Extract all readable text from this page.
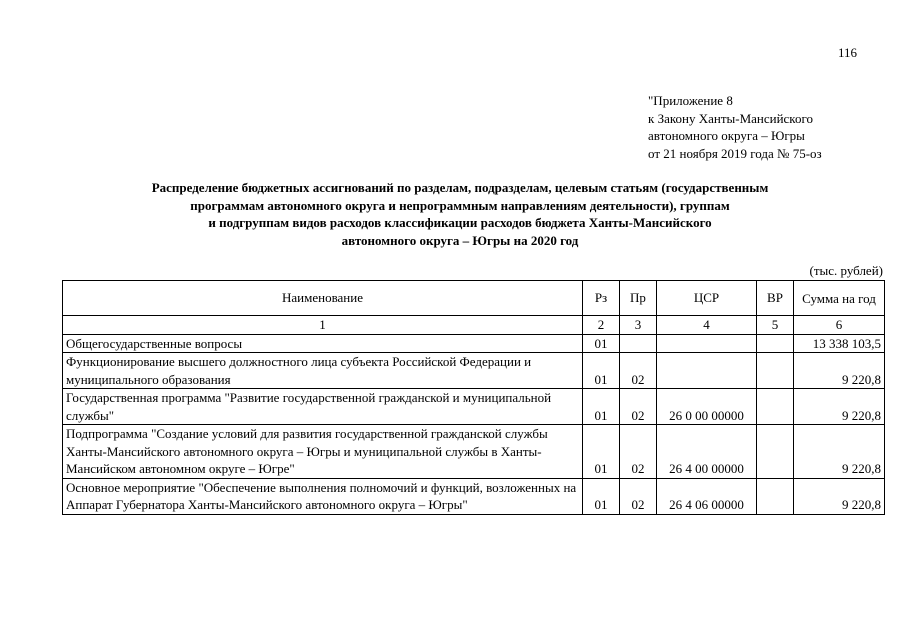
116
"Приложение 8
к Закону Ханты-Мансийского
автономного округа – Югры
от 21 ноября 2019 года № 75-оз
Распределение бюджетных ассигнований по разделам, подразделам, целевым статьям (государственным
программам автономного округа и непрограммным направлениям деятельности), группам
и подгруппам видов расходов классификации расходов бюджета Ханты-Мансийского
автономного округа – Югры на 2020 год
(тыс. рублей)
Наименование	Рз	Пр	ЦСР	ВР	Сумма на год
1	2	3	4	5	6
Общегосударственные вопросы	01				13 338 103,5
Функционирование высшего должностного лица субъекта Российской Федерации и муниципального образования	01	02			9 220,8
Государственная программа "Развитие государственной гражданской и муниципальной службы"	01	02	26 0 00 00000		9 220,8
Подпрограмма "Создание условий для развития государственной гражданской службы Ханты-Мансийского автономного округа – Югры и муниципальной службы в Ханты-Мансийском автономном округе – Югре"	01	02	26 4 00 00000		9 220,8
Основное мероприятие "Обеспечение выполнения полномочий и функций, возложенных на Аппарат Губернатора Ханты-Мансийского автономного округа – Югры"	01	02	26 4 06 00000		9 220,8
